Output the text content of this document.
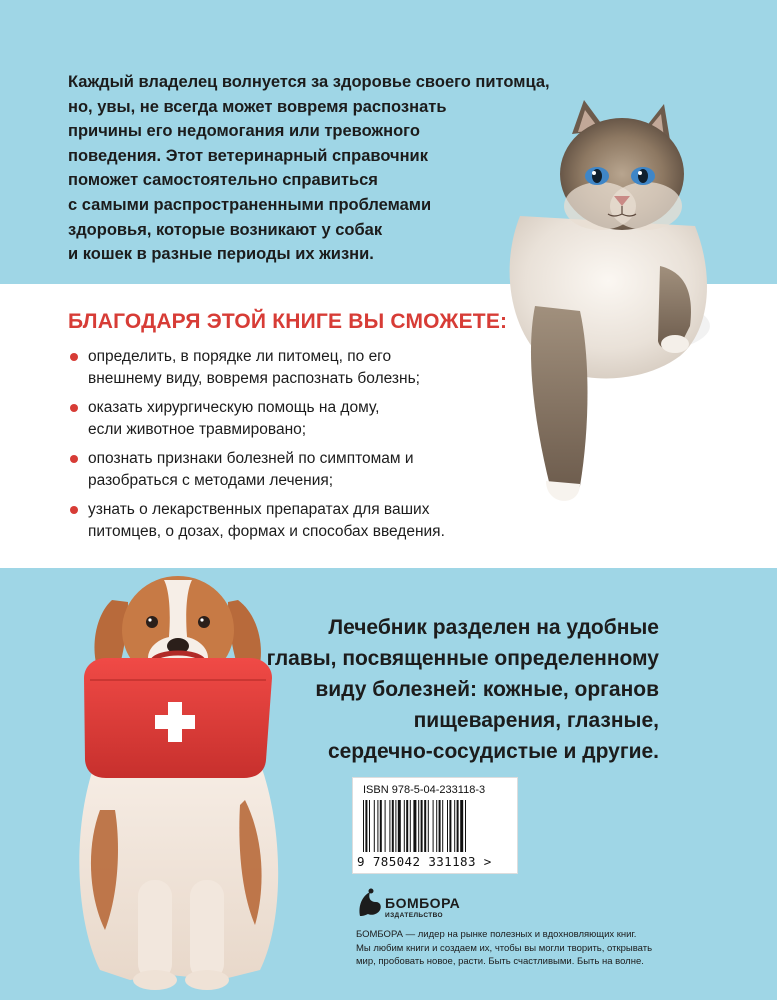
Каждый владелец волнуется за здоровье своего питомца,
но, увы, не всегда может вовремя распознать
причины его недомогания или тревожного
поведения. Этот ветеринарный справочник
поможет самостоятельно справиться
с самыми распространенными проблемами
здоровья, которые возникают у собак
и кошек в разные периоды их жизни.
БЛАГОДАРЯ ЭТОЙ КНИГЕ ВЫ СМОЖЕТЕ:
определить, в порядке ли питомец, по его
внешнему виду, вовремя распознать болезнь;
оказать хирургическую помощь на дому,
если животное травмировано;
опознать признаки болезней по симптомам и
разобраться с методами лечения;
узнать о лекарственных препаратах для ваших
питомцев, о дозах, формах и способах введения.
Лечебник разделен на удобные
главы, посвященные определенному
виду болезней: кожные, органов
пищеварения, глазные,
сердечно-сосудистые и другие.
ISBN 978-5-04-233118-3
9 785042 331183 >
БОМБОРА
ИЗДАТЕЛЬСТВО
БОМБОРА — лидер на рынке полезных и вдохновляющих книг.
Мы любим книги и создаем их, чтобы вы могли творить, открывать
мир, пробовать новое, расти. Быть счастливыми. Быть на волне.
